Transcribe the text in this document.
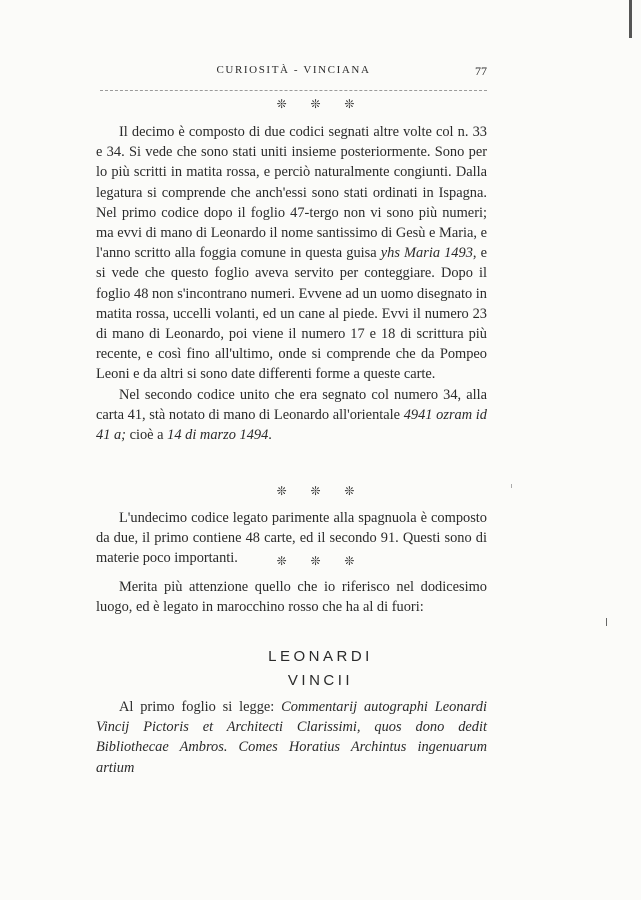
CURIOSITÀ - VINCIANA	77
❊ ❊ ❊

Il decimo è composto di due codici segnati altre volte col n. 33 e 34. Si vede che sono stati uniti insieme posteriormente. Sono per lo più scritti in matita rossa, e perciò naturalmente congiunti. Dalla legatura si comprende che anch'essi sono stati ordinati in Ispagna. Nel primo codice dopo il foglio 47-tergo non vi sono più numeri; ma evvi di mano di Leonardo il nome santissimo di Gesù e Maria, e l'anno scritto alla foggia comune in questa guisa yhs Maria 1493, e si vede che questo foglio aveva servito per conteggiare. Dopo il foglio 48 non s'incontrano numeri. Evvene ad un uomo disegnato in matita rossa, uccelli volanti, ed un cane al piede. Evvi il numero 23 di mano di Leonardo, poi viene il numero 17 e 18 di scrittura più recente, e così fino all'ultimo, onde si comprende che da Pompeo Leoni e da altri si sono date differenti forme a queste carte.

Nel secondo codice unito che era segnato col numero 34, alla carta 41, stà notato di mano di Leonardo all'orientale 4941 ozram id 41 a; cioè a 14 di marzo 1494.

❊ ❊ ❊

L'undecimo codice legato parimente alla spagnuola è composto da due, il primo contiene 48 carte, ed il secondo 91. Questi sono di materie poco importanti.	❊ ❊ ❊

Merita più attenzione quello che io riferisco nel dodicesimo luogo, ed è legato in marocchino rosso che ha al di fuori:

LEONARDI
VINCII

Al primo foglio si legge: Commentarij autographi Leonardi Vincij Pictoris et Architecti Clarissimi, quos dono dedit Bibliothecae Ambros. Comes Horatius Archintus ingenuarum artium
